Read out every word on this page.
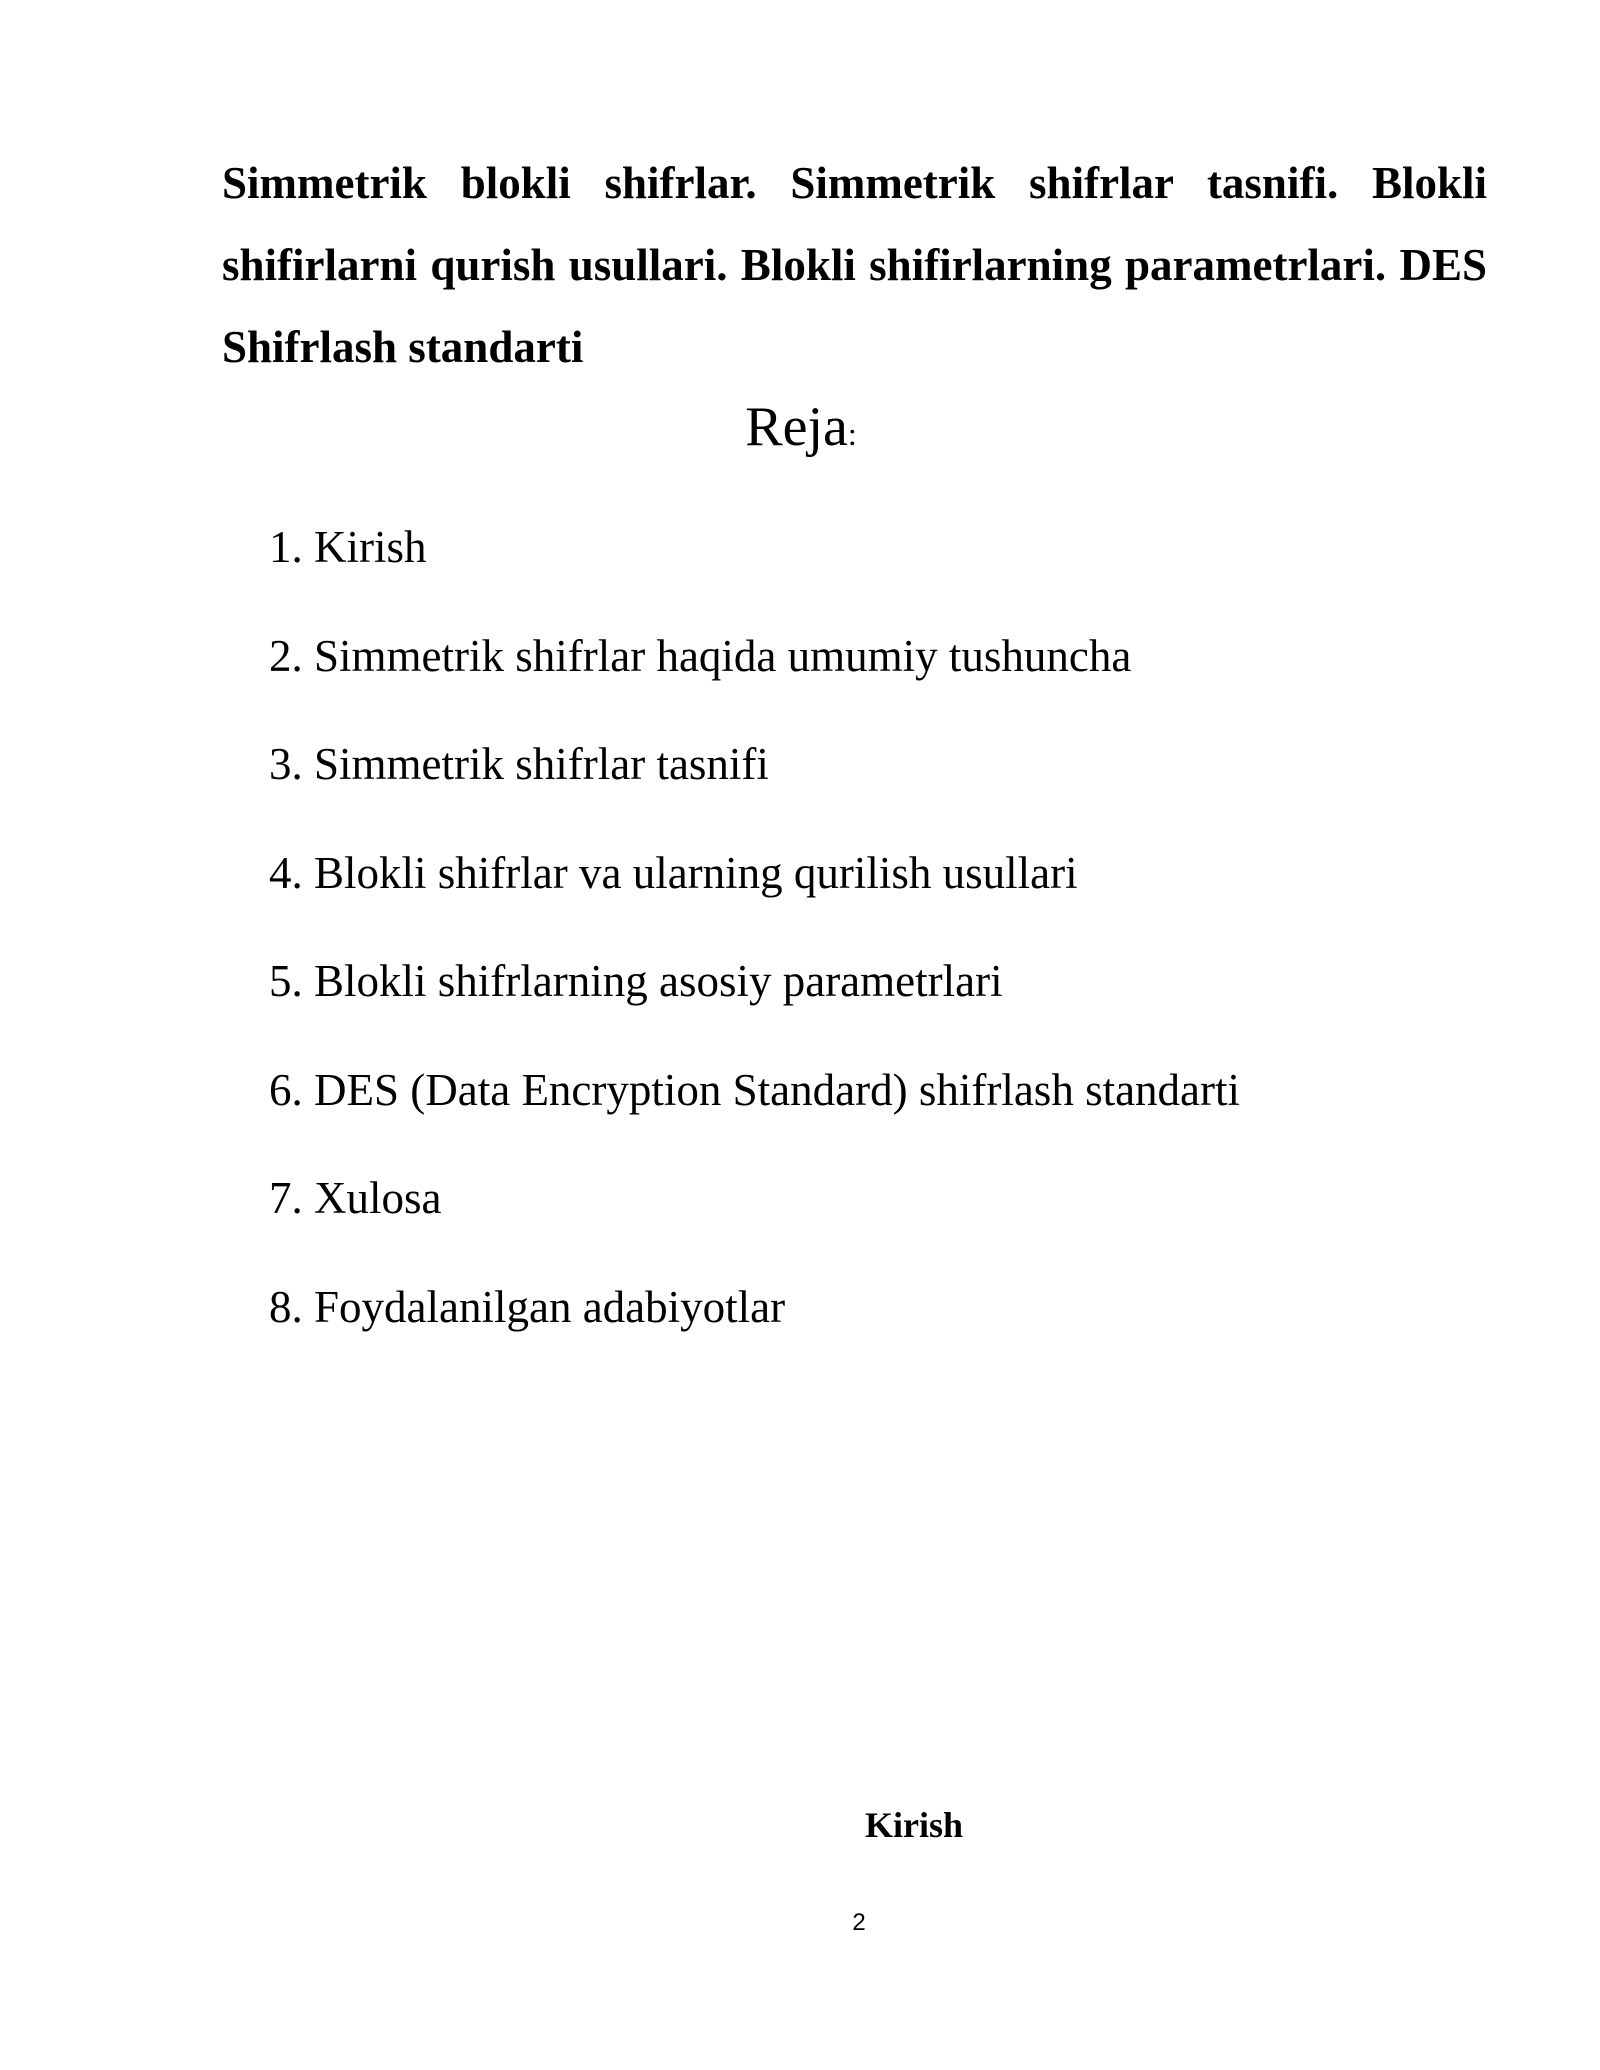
Simmetrik blokli shifrlar. Simmetrik shifrlar tasnifi. Blokli shifirlarni qurish usullari. Blokli shifirlarning parametrlari. DES Shifrlash standarti

Reja:
1. Kirish
2. Simmetrik shifrlar haqida umumiy tushuncha
3. Simmetrik shifrlar tasnifi
4. Blokli shifrlar va ularning qurilish usullari
5. Blokli shifrlarning asosiy parametrlari
6. DES (Data Encryption Standard) shifrlash standarti
7. Xulosa
8. Foydalanilgan adabiyotlar
Kirish
2
